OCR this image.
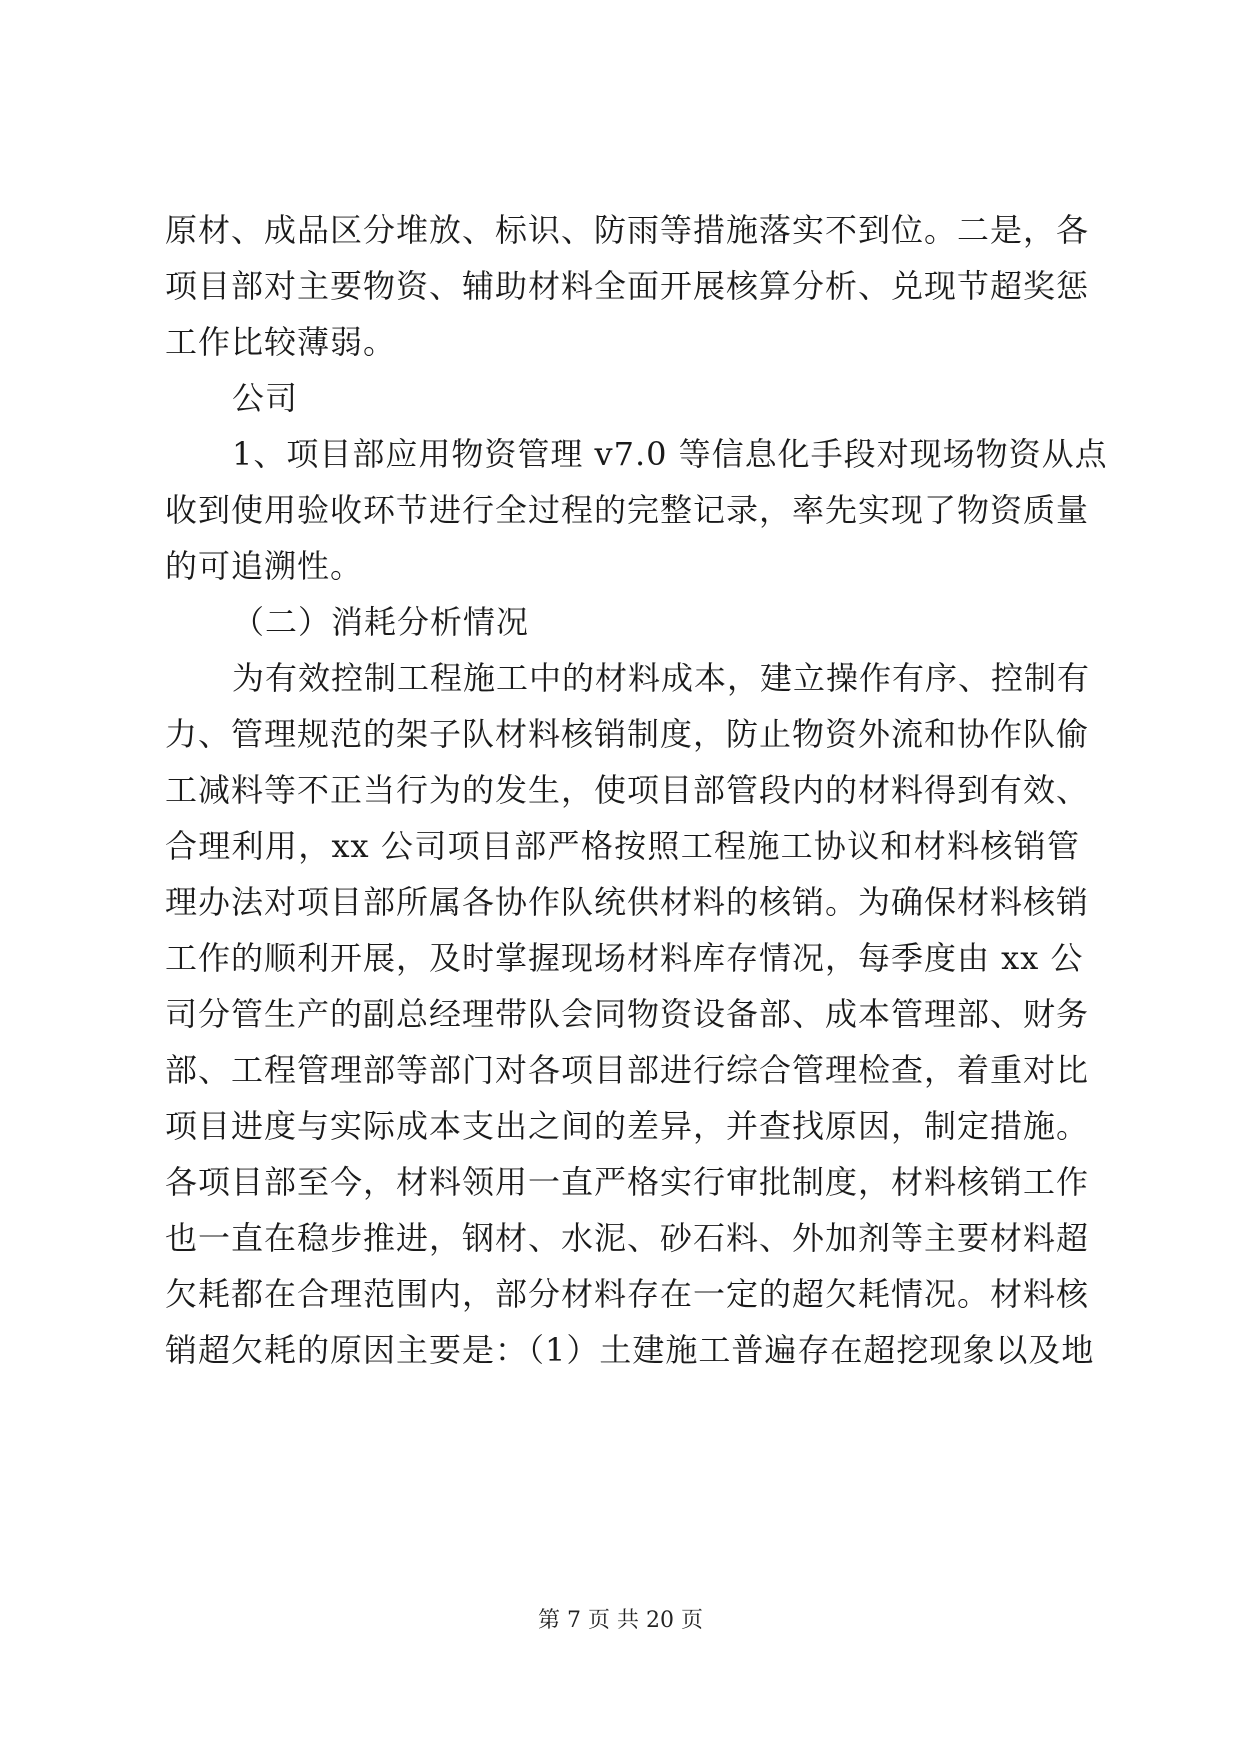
原材、成品区分堆放、标识、防雨等措施落实不到位。二是，各
项目部对主要物资、辅助材料全面开展核算分析、兑现节超奖惩
工作比较薄弱。
公司
1、项目部应用物资管理 v7.0 等信息化手段对现场物资从点
收到使用验收环节进行全过程的完整记录，率先实现了物资质量
的可追溯性。
（二）消耗分析情况
为有效控制工程施工中的材料成本，建立操作有序、控制有
力、管理规范的架子队材料核销制度，防止物资外流和协作队偷
工减料等不正当行为的发生，使项目部管段内的材料得到有效、
合理利用，xx 公司项目部严格按照工程施工协议和材料核销管
理办法对项目部所属各协作队统供材料的核销。为确保材料核销
工作的顺利开展，及时掌握现场材料库存情况，每季度由 xx 公
司分管生产的副总经理带队会同物资设备部、成本管理部、财务
部、工程管理部等部门对各项目部进行综合管理检查，着重对比
项目进度与实际成本支出之间的差异，并查找原因，制定措施。
各项目部至今，材料领用一直严格实行审批制度，材料核销工作
也一直在稳步推进，钢材、水泥、砂石料、外加剂等主要材料超
欠耗都在合理范围内，部分材料存在一定的超欠耗情况。材料核
销超欠耗的原因主要是：（1）土建施工普遍存在超挖现象以及地
第 7 页 共 20 页
